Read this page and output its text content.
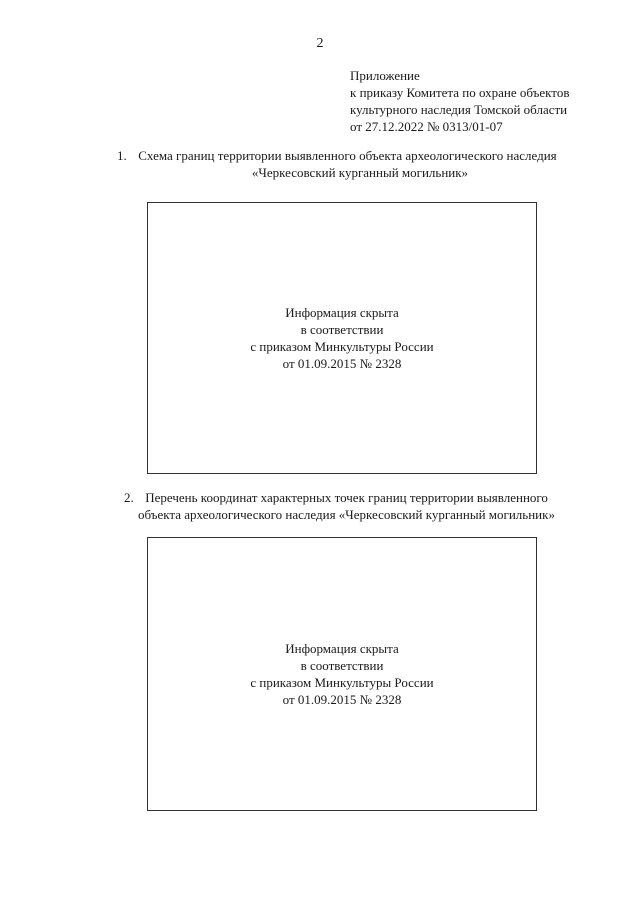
2
Приложение
к приказу Комитета по охране объектов
культурного наследия Томской области
от 27.12.2022 № 0313/01-07
1. Схема границ территории выявленного объекта археологического наследия
«Черкесовский курганный могильник»
Информация скрыта
в соответствии
с приказом Минкультуры России
от 01.09.2015 № 2328
2. Перечень координат характерных точек границ территории выявленного
объекта археологического наследия «Черкесовский курганный могильник»
Информация скрыта
в соответствии
с приказом Минкультуры России
от 01.09.2015 № 2328
